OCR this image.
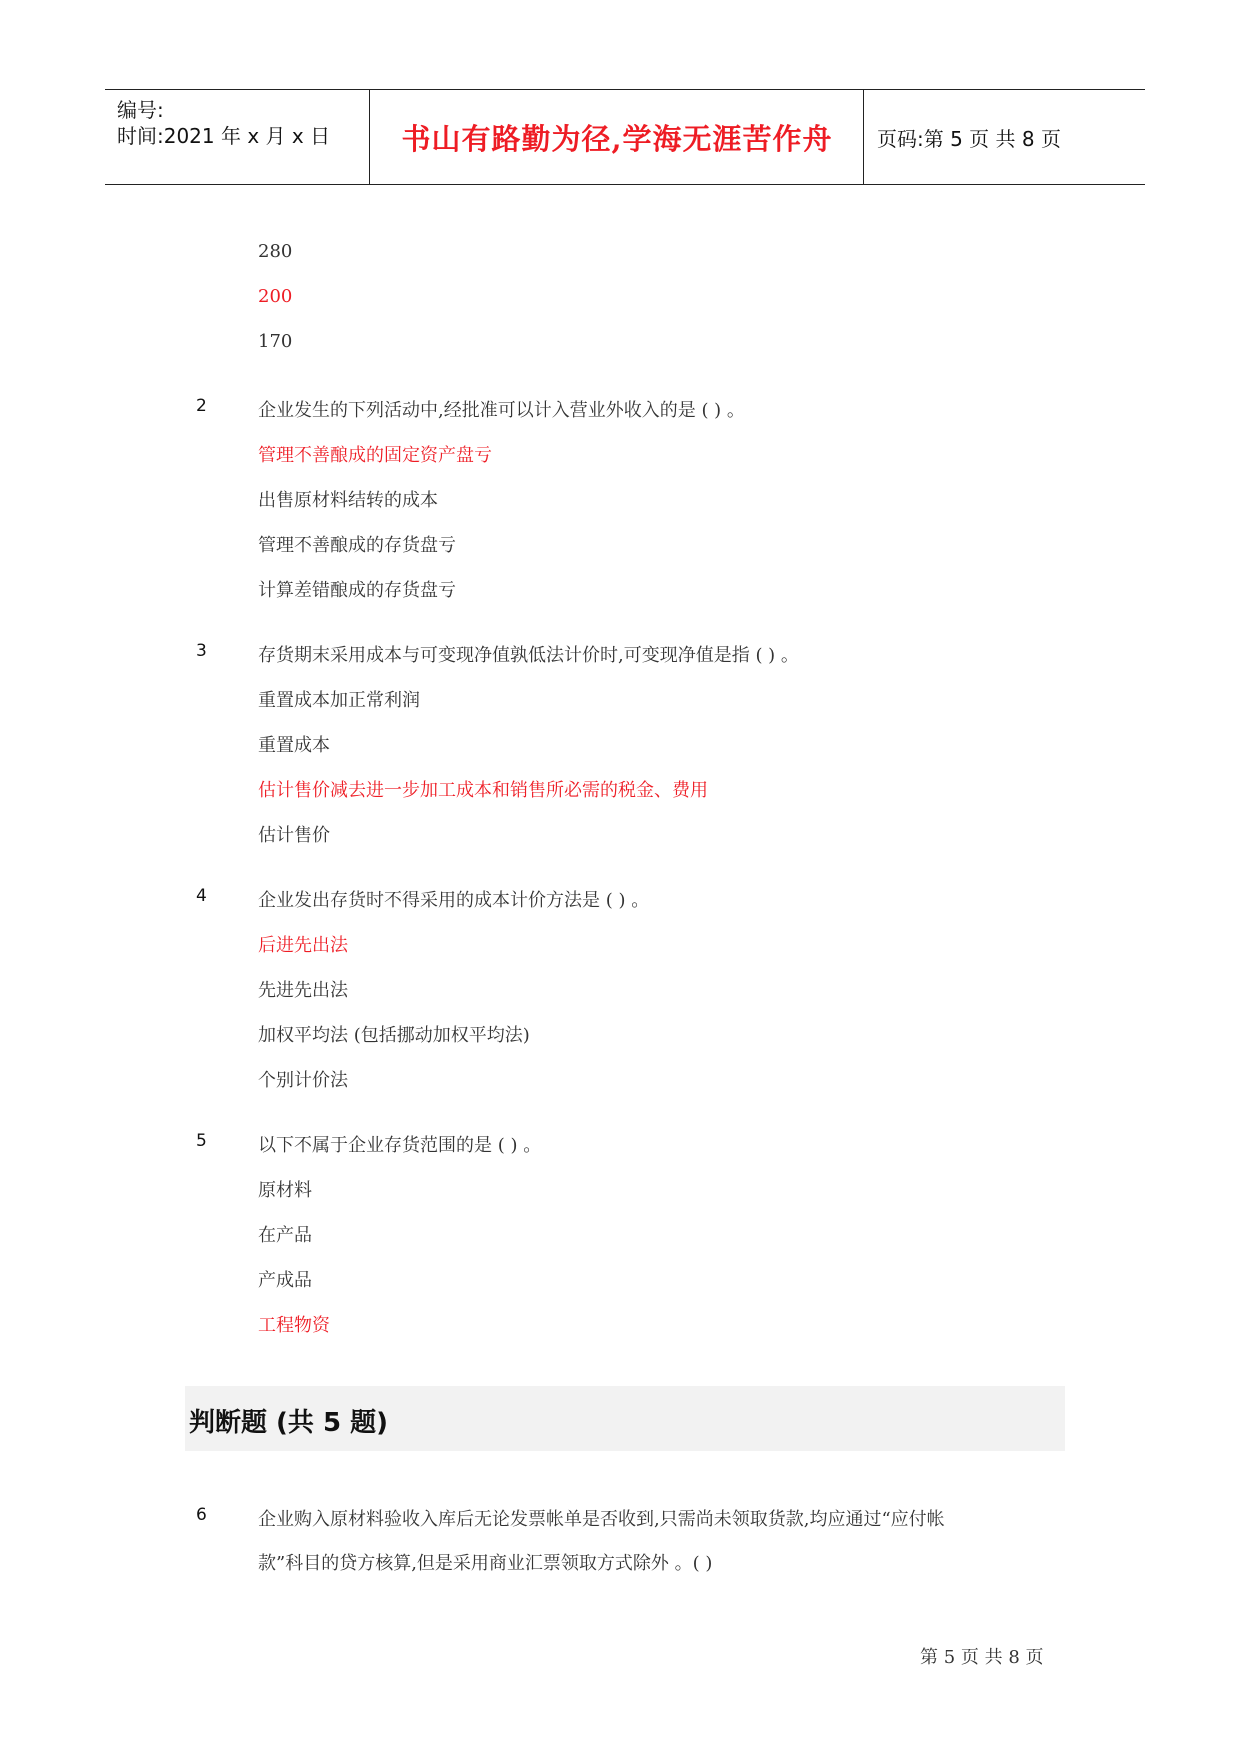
编号:
时间:2021 年 x 月 x 日	书山有路勤为径,学海无涯苦作舟	页码:第 5 页 共 8 页
280
200
170
2	企业发生的下列活动中,经批准可以计入营业外收入的是 ( ) 。
管理不善酿成的固定资产盘亏
出售原材料结转的成本
管理不善酿成的存货盘亏
计算差错酿成的存货盘亏
3	存货期末采用成本与可变现净值孰低法计价时,可变现净值是指 ( ) 。
重置成本加正常利润
重置成本
估计售价减去进一步加工成本和销售所必需的税金、费用
估计售价
4	企业发出存货时不得采用的成本计价方法是 ( ) 。
后进先出法
先进先出法
加权平均法 (包括挪动加权平均法)
个别计价法
5	以下不属于企业存货范围的是 ( ) 。
原材料
在产品
产成品
工程物资
判断题 (共 5 题)
6	企业购入原材料验收入库后无论发票帐单是否收到,只需尚未领取货款,均应通过“应付帐
款”科目的贷方核算,但是采用商业汇票领取方式除外 。( )
第 5 页 共 8 页
